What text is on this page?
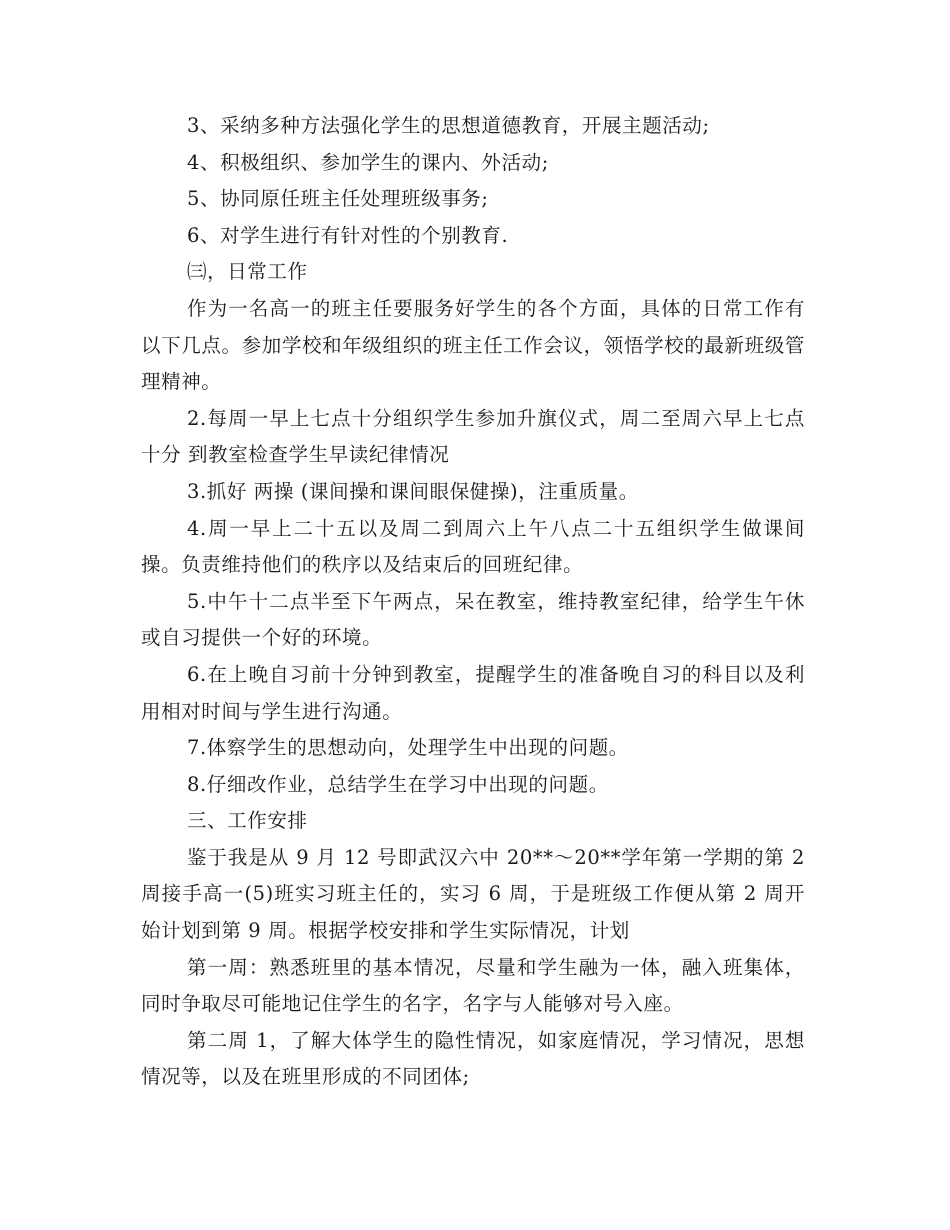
3、采纳多种方法强化学生的思想道德教育，开展主题活动;

4、积极组织、参加学生的课内、外活动;

5、协同原任班主任处理班级事务;

6、对学生进行有针对性的个别教育.

㈢，日常工作

作为一名高一的班主任要服务好学生的各个方面，具体的日常工作有以下几点。参加学校和年级组织的班主任工作会议，领悟学校的最新班级管理精神。

2.每周一早上七点十分组织学生参加升旗仪式，周二至周六早上七点十分 到教室检查学生早读纪律情况

3.抓好 两操 (课间操和课间眼保健操)，注重质量。

4.周一早上二十五以及周二到周六上午八点二十五组织学生做课间操。负责维持他们的秩序以及结束后的回班纪律。

5.中午十二点半至下午两点，呆在教室，维持教室纪律，给学生午休或自习提供一个好的环境。

6.在上晚自习前十分钟到教室，提醒学生的准备晚自习的科目以及利用相对时间与学生进行沟通。

7.体察学生的思想动向，处理学生中出现的问题。

8.仔细改作业，总结学生在学习中出现的问题。

三、工作安排

鉴于我是从 9 月 12 号即武汉六中 20**～20**学年第一学期的第 2 周接手高一(5)班实习班主任的，实习 6 周，于是班级工作便从第 2 周开始计划到第 9 周。根据学校安排和学生实际情况，计划

第一周：熟悉班里的基本情况，尽量和学生融为一体，融入班集体，同时争取尽可能地记住学生的名字，名字与人能够对号入座。

第二周 1，了解大体学生的隐性情况，如家庭情况，学习情况，思想情况等，以及在班里形成的不同团体;
